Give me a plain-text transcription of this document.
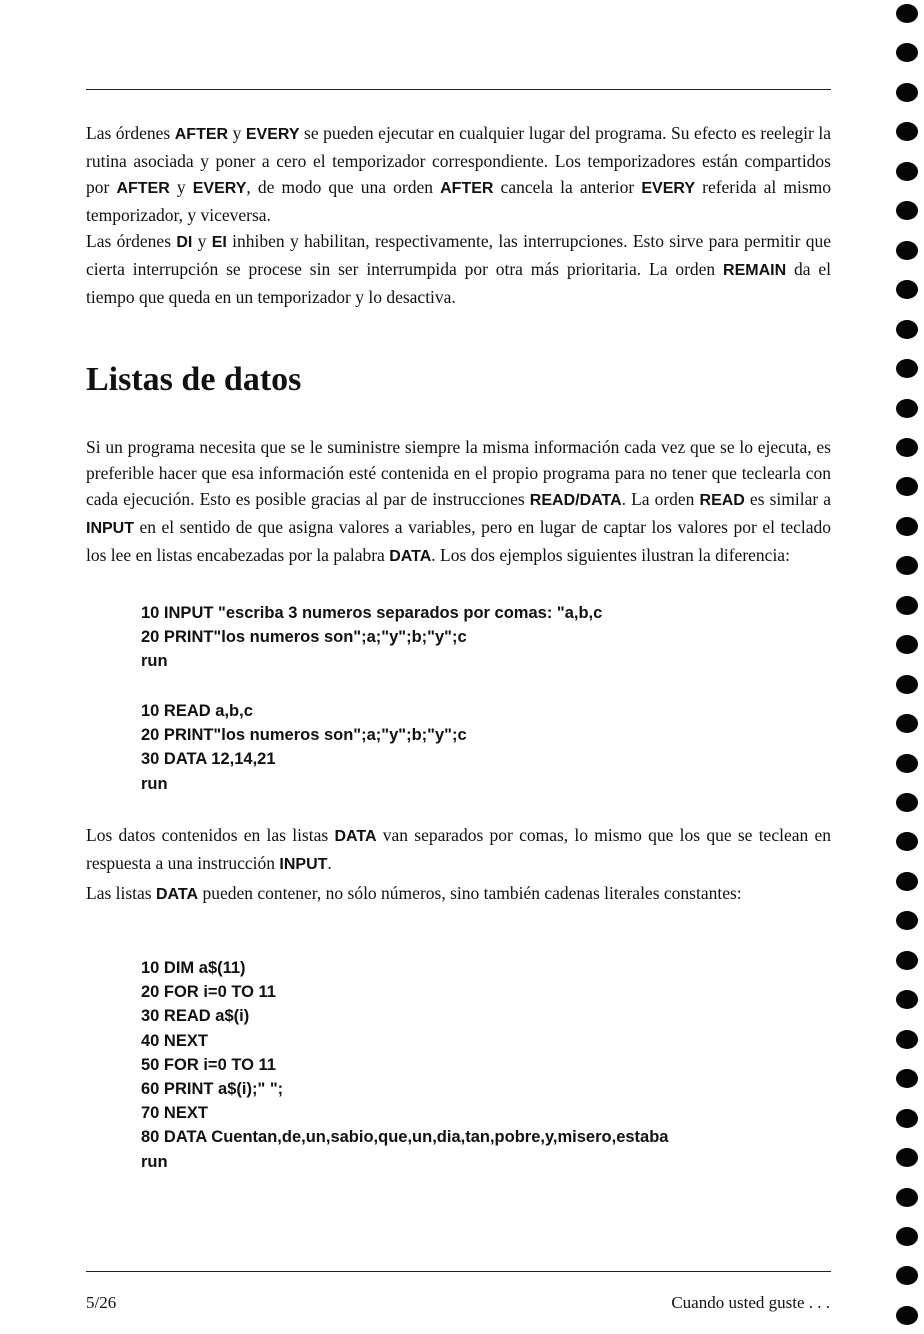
Las órdenes AFTER y EVERY se pueden ejecutar en cualquier lugar del programa. Su efecto es reelegir la rutina asociada y poner a cero el temporizador correspondiente. Los temporizadores están compartidos por AFTER y EVERY, de modo que una orden AFTER cancela la anterior EVERY referida al mismo temporizador, y viceversa.

Las órdenes DI y EI inhiben y habilitan, respectivamente, las interrupciones. Esto sirve para permitir que cierta interrupción se procese sin ser interrumpida por otra más prioritaria. La orden REMAIN da el tiempo que queda en un temporizador y lo desactiva.

Listas de datos

Si un programa necesita que se le suministre siempre la misma información cada vez que se lo ejecuta, es preferible hacer que esa información esté contenida en el propio programa para no tener que teclearla con cada ejecución. Esto es posible gracias al par de instrucciones READ/DATA. La orden READ es similar a INPUT en el sentido de que asigna valores a variables, pero en lugar de captar los valores por el teclado los lee en listas encabezadas por la palabra DATA. Los dos ejemplos siguientes ilustran la diferencia:

10 INPUT "escriba 3 numeros separados por comas: "a,b,c
20 PRINT"los numeros son";a;"y";b;"y";c
run
10 READ a,b,c
20 PRINT"los numeros son";a;"y";b;"y";c
30 DATA 12,14,21
run

Los datos contenidos en las listas DATA van separados por comas, lo mismo que los que se teclean en respuesta a una instrucción INPUT.

Las listas DATA pueden contener, no sólo números, sino también cadenas literales constantes:

10 DIM a$(11)
20 FOR i=0 TO 11
30 READ a$(i)
40 NEXT
50 FOR i=0 TO 11
60 PRINT a$(i);" ";
70 NEXT
80 DATA Cuentan,de,un,sabio,que,un,dia,tan,pobre,y,misero,estaba
run
5/26	Cuando usted guste . . .
